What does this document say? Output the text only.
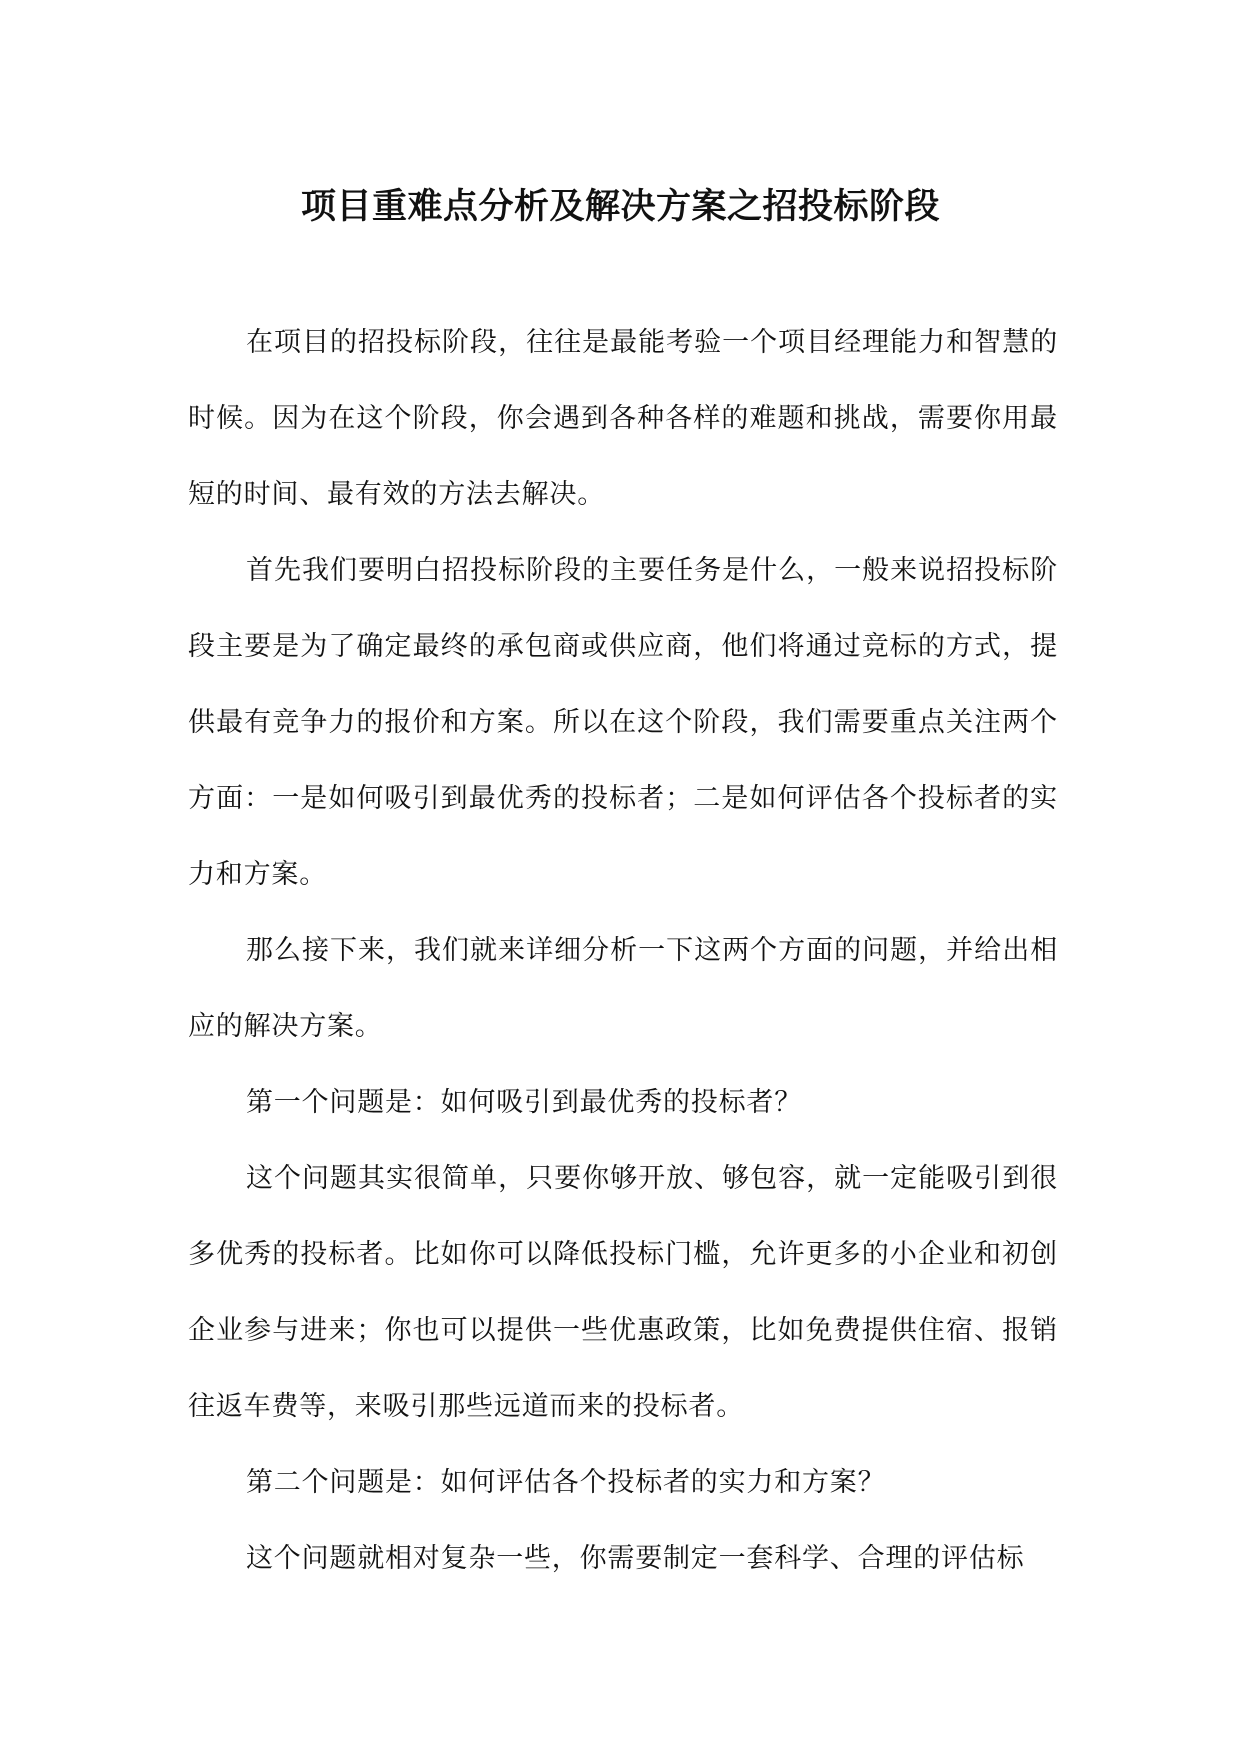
项目重难点分析及解决方案之招投标阶段

在项目的招投标阶段，往往是最能考验一个项目经理能力和智慧的时候。因为在这个阶段，你会遇到各种各样的难题和挑战，需要你用最短的时间、最有效的方法去解决。

首先我们要明白招投标阶段的主要任务是什么，一般来说招投标阶段主要是为了确定最终的承包商或供应商，他们将通过竞标的方式，提供最有竞争力的报价和方案。所以在这个阶段，我们需要重点关注两个方面：一是如何吸引到最优秀的投标者；二是如何评估各个投标者的实力和方案。

那么接下来，我们就来详细分析一下这两个方面的问题，并给出相应的解决方案。

第一个问题是：如何吸引到最优秀的投标者？

这个问题其实很简单，只要你够开放、够包容，就一定能吸引到很多优秀的投标者。比如你可以降低投标门槛，允许更多的小企业和初创企业参与进来；你也可以提供一些优惠政策，比如免费提供住宿、报销往返车费等，来吸引那些远道而来的投标者。

第二个问题是：如何评估各个投标者的实力和方案？

这个问题就相对复杂一些，你需要制定一套科学、合理的评估标
